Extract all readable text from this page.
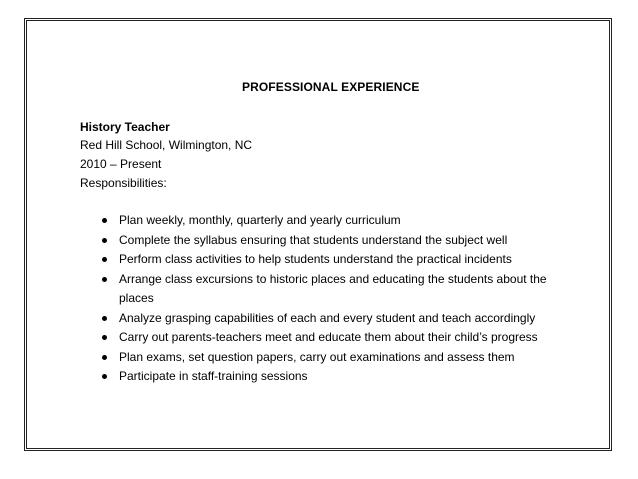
PROFESSIONAL EXPERIENCE
History Teacher
Red Hill School, Wilmington, NC
2010 – Present
Responsibilities:
Plan weekly, monthly, quarterly and yearly curriculum
Complete the syllabus ensuring that students understand the subject well
Perform class activities to help students understand the practical incidents
Arrange class excursions to historic places and educating the students about the places
Analyze grasping capabilities of each and every student and teach accordingly
Carry out parents-teachers meet and educate them about their child’s progress
Plan exams, set question papers, carry out examinations and assess them
Participate in staff-training sessions
